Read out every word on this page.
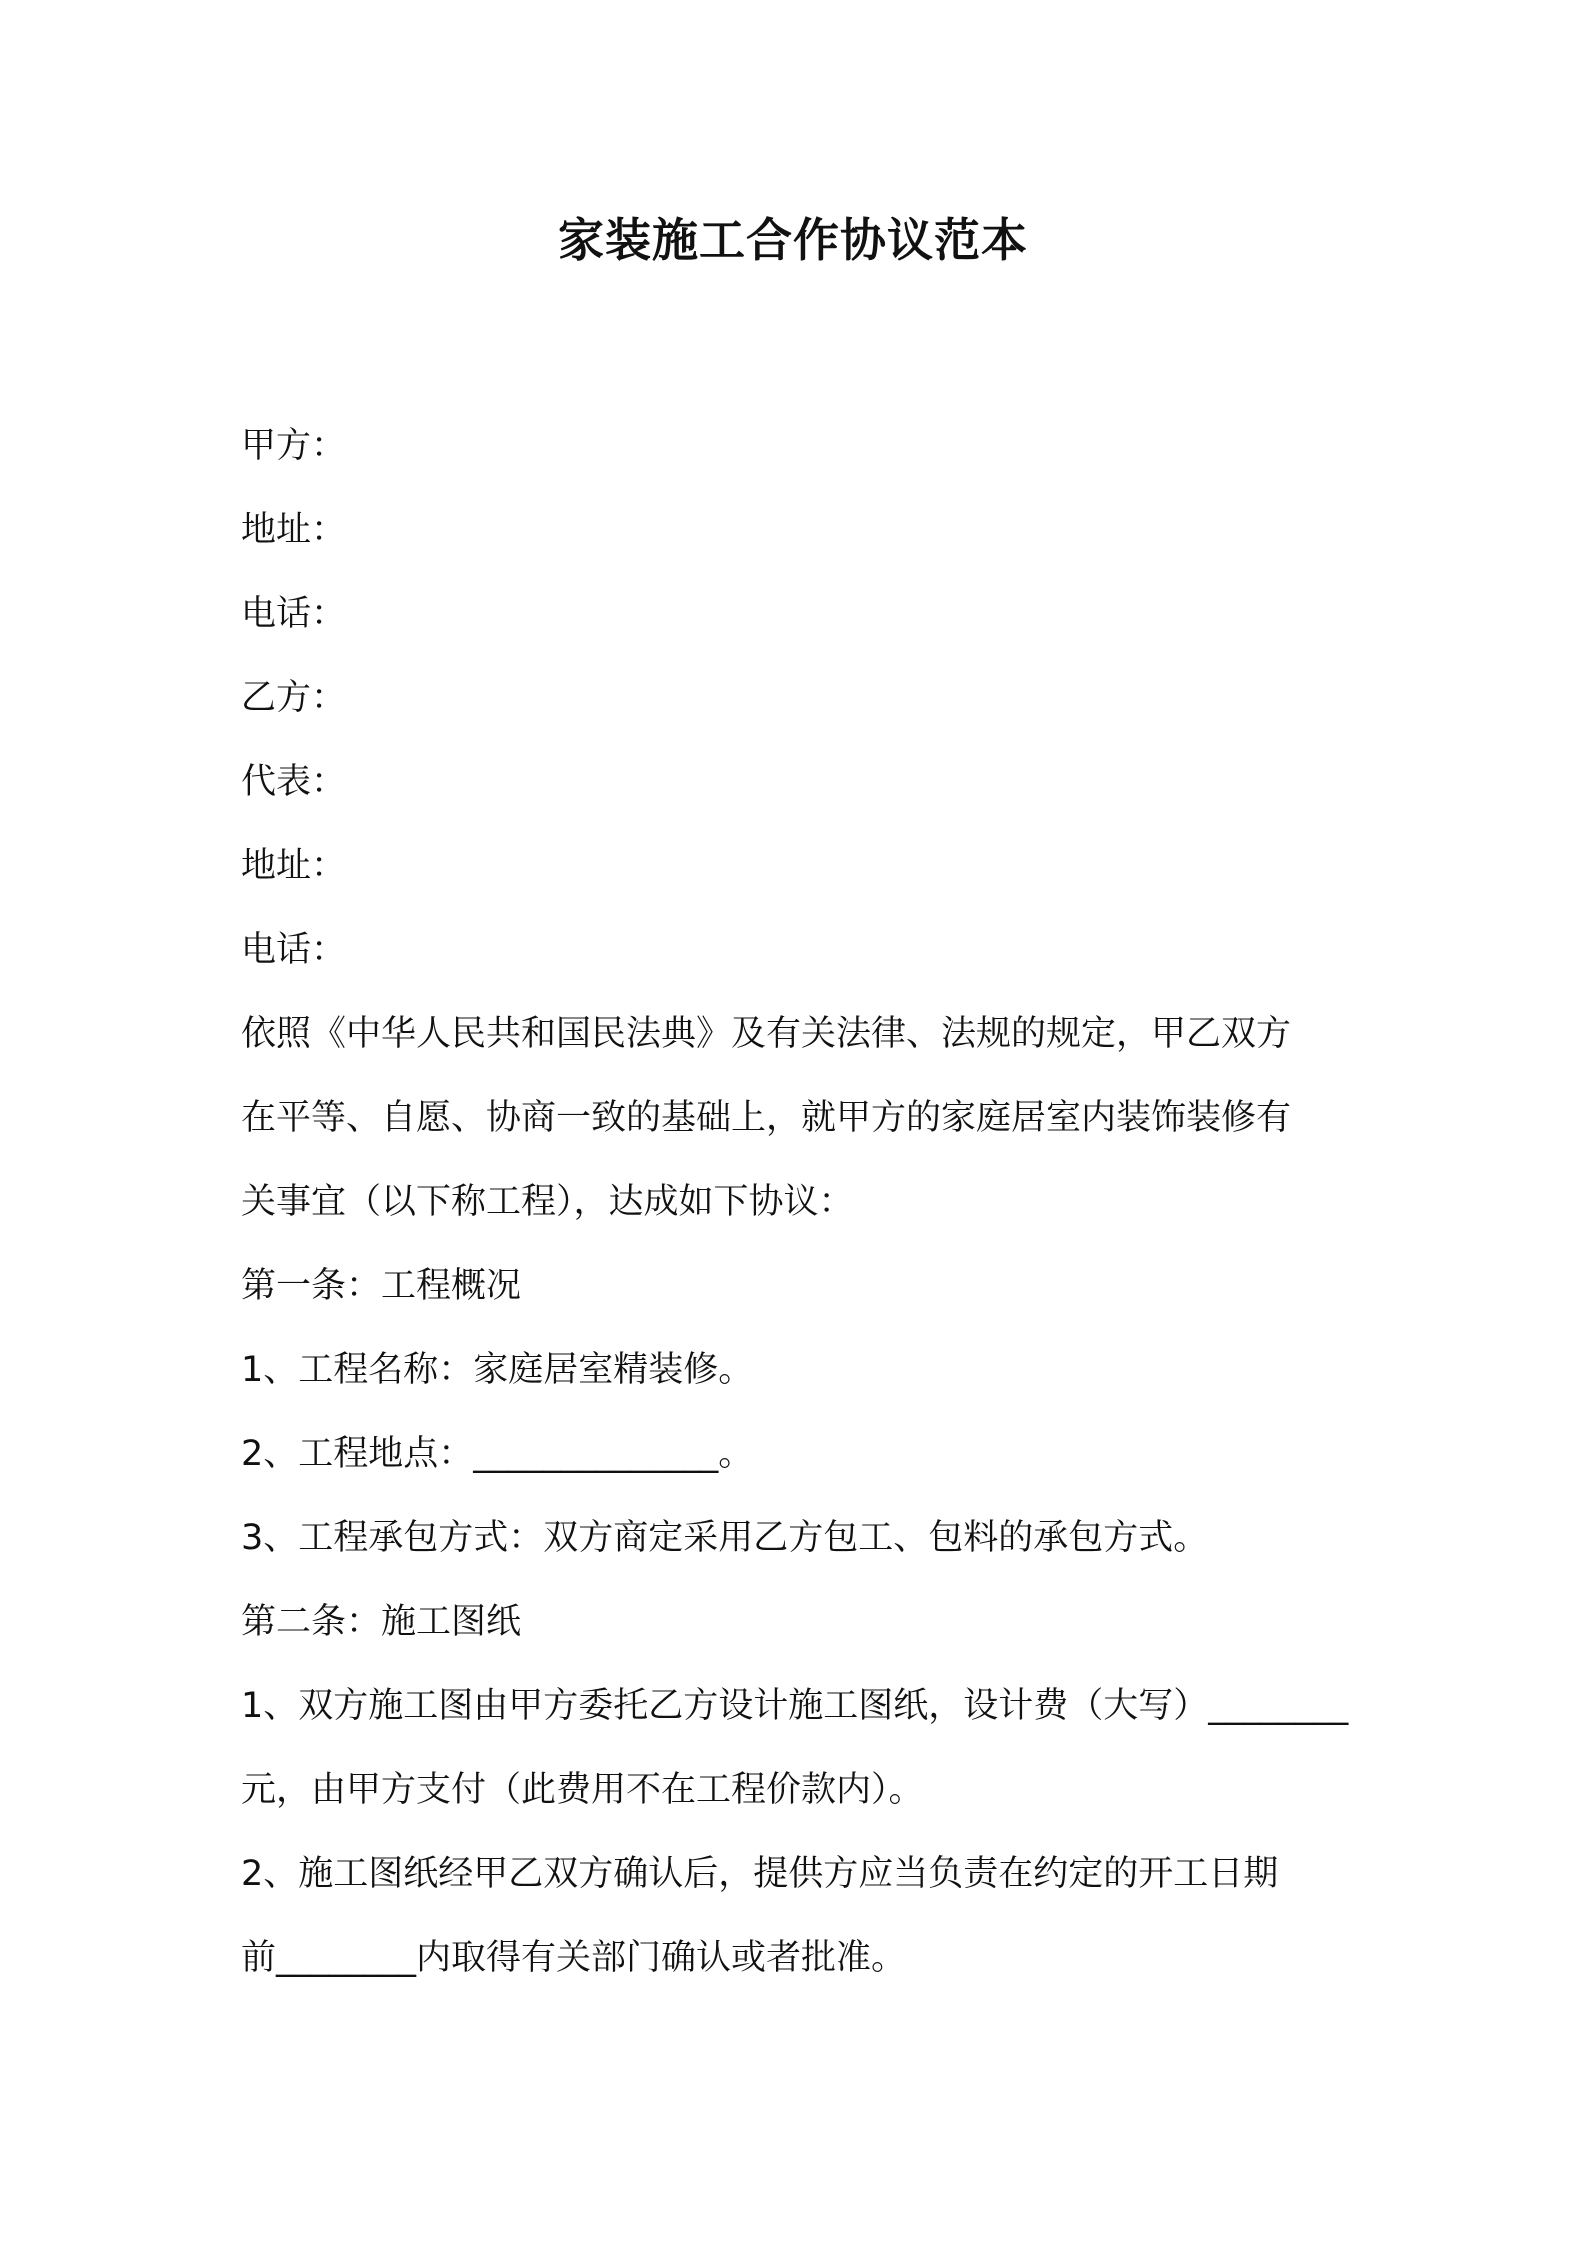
家装施工合作协议范本
甲方：
地址：
电话：
乙方：
代表：
地址：
电话：
依照《中华人民共和国民法典》及有关法律、法规的规定，甲乙双方
在平等、自愿、协商一致的基础上，就甲方的家庭居室内装饰装修有
关事宜（以下称工程），达成如下协议：
第一条：工程概况
1、工程名称：家庭居室精装修。
2、工程地点：______________。
3、工程承包方式：双方商定采用乙方包工、包料的承包方式。
第二条：施工图纸
1、双方施工图由甲方委托乙方设计施工图纸，设计费（大写）________
元，由甲方支付（此费用不在工程价款内）。
2、施工图纸经甲乙双方确认后，提供方应当负责在约定的开工日期
前________内取得有关部门确认或者批准。
